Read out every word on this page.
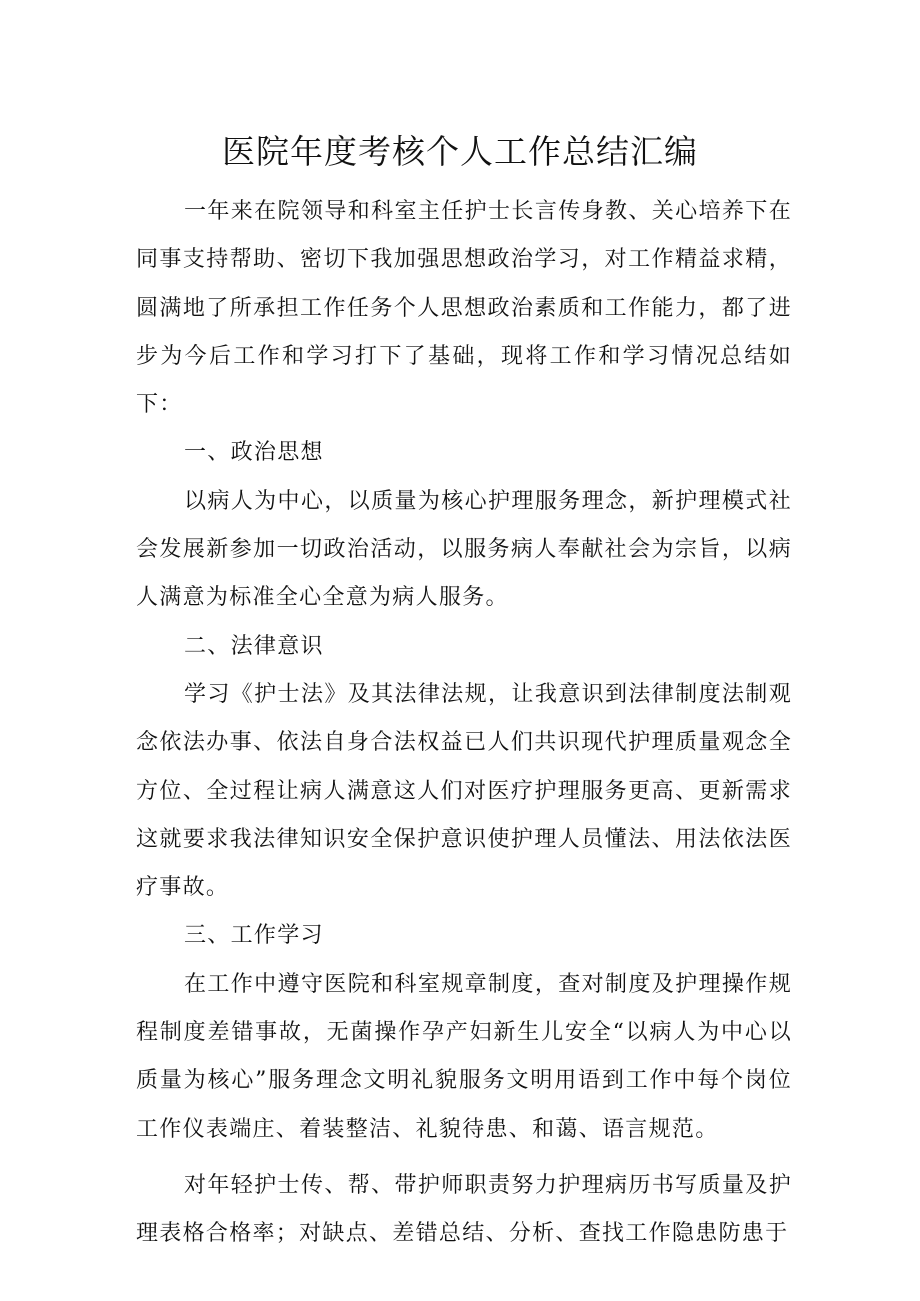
医院年度考核个人工作总结汇编

一年来在院领导和科室主任护士长言传身教、关心培养下在同事支持帮助、密切下我加强思想政治学习，对工作精益求精，圆满地了所承担工作任务个人思想政治素质和工作能力，都了进步为今后工作和学习打下了基础，现将工作和学习情况总结如下：

一、政治思想

以病人为中心，以质量为核心护理服务理念，新护理模式社会发展新参加一切政治活动，以服务病人奉献社会为宗旨，以病人满意为标准全心全意为病人服务。

二、法律意识

学习《护士法》及其法律法规，让我意识到法律制度法制观念依法办事、依法自身合法权益已人们共识现代护理质量观念全方位、全过程让病人满意这人们对医疗护理服务更高、更新需求这就要求我法律知识安全保护意识使护理人员懂法、用法依法医疗事故。

三、工作学习

在工作中遵守医院和科室规章制度，查对制度及护理操作规程制度差错事故，无菌操作孕产妇新生儿安全“以病人为中心以质量为核心”服务理念文明礼貌服务文明用语到工作中每个岗位工作仪表端庄、着装整洁、礼貌待患、和蔼、语言规范。

对年轻护士传、帮、带护师职责努力护理病历书写质量及护理表格合格率；对缺点、差错总结、分析、查找工作隐患防患于
